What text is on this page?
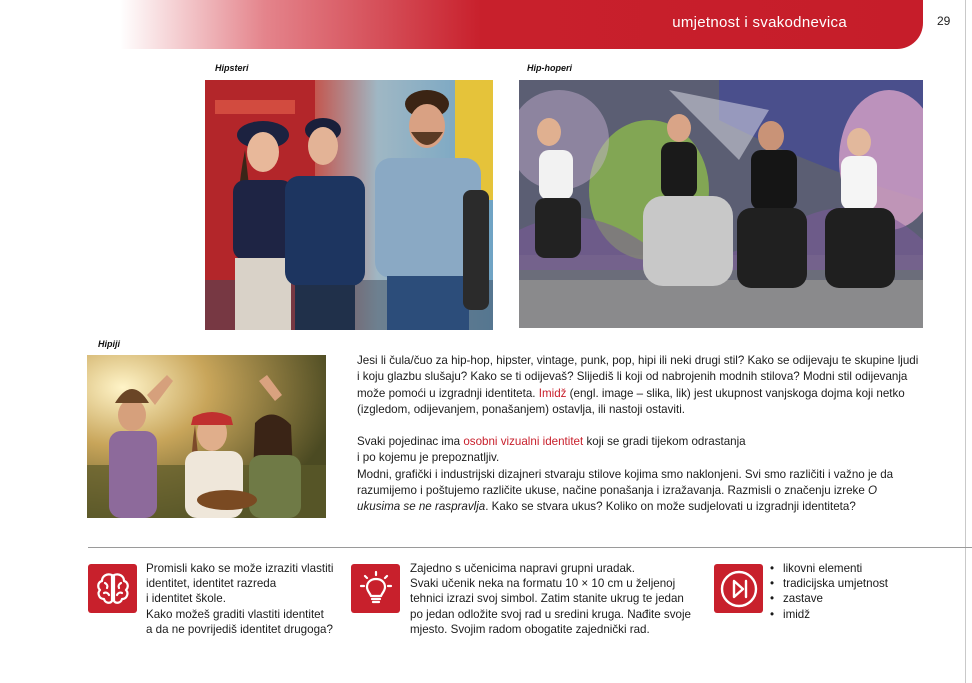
umjetnost i svakodnevica	29
Hipsteri	Hip-hoperi
Hipiji

Jesi li čula/čuo za hip-hop, hipster, vintage, punk, pop, hipi ili neki drugi stil? Kako se odijevaju te skupine ljudi i koju glazbu slušaju? Kako se ti odijevaš? Slijediš li koji od nabrojenih modnih stilova? Modni stil odijevanja može pomoći u izgradnji identiteta. Imidž (engl. image – slika, lik) jest ukupnost vanjskoga dojma koji netko (izgledom, odijevanjem, ponašanjem) ostavlja, ili nastoji ostaviti.

Svaki pojedinac ima osobni vizualni identitet koji se gradi tijekom odrastanja

i po kojemu je prepoznatljiv.

Modni, grafički i industrijski dizajneri stvaraju stilove kojima smo naklonjeni. Svi smo različiti i važno je da razumijemo i poštujemo različite ukuse, načine ponašanja i izražavanja. Razmisli o značenju izreke O ukusima se ne raspravlja. Kako se stvara ukus? Koliko on može sudjelovati u izgradnji identiteta?

Promisli kako se može izraziti vlastiti
identitet, identitet razreda
i identitet škole.
Kako možeš graditi vlastiti identitet
a da ne povrijediš identitet drugoga?
Zajedno s učenicima napravi grupni uradak.
Svaki učenik neka na formatu 10 × 10 cm u željenoj
tehnici izrazi svoj simbol. Zatim stanite ukrug te jedan
po jedan odložite svoj rad u sredini kruga. Nađite svoje
mjesto. Svojim radom obogatite zajednički rad.
• likovni elementi
• tradicijska umjetnost
• zastave
• imidž
